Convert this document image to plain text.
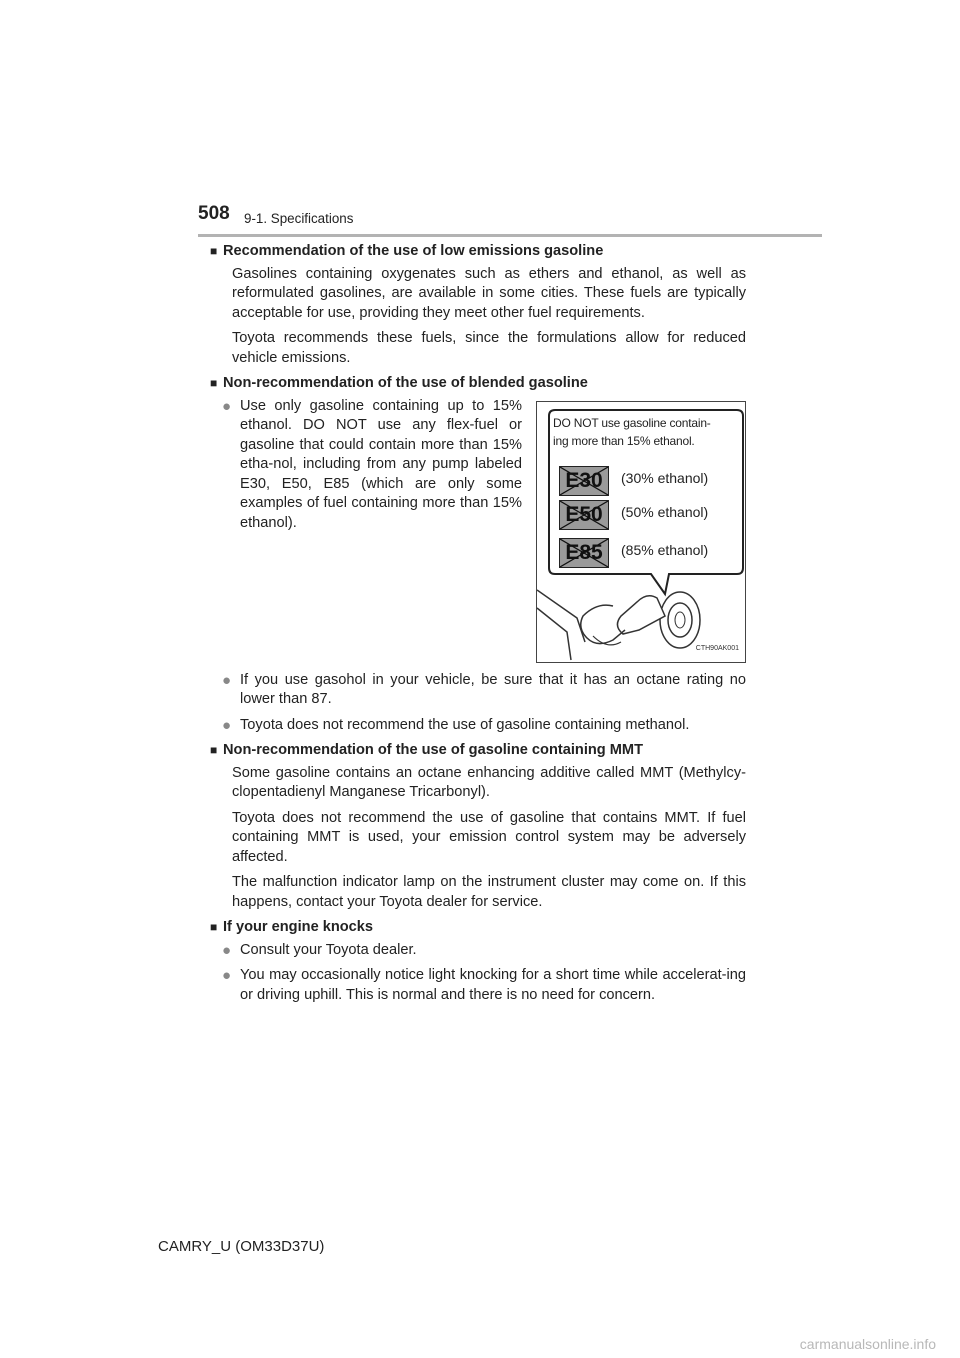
508 9-1. Specifications
■ Recommendation of the use of low emissions gasoline
Gasolines containing oxygenates such as ethers and ethanol, as well as reformulated gasolines, are available in some cities. These fuels are typically acceptable for use, providing they meet other fuel requirements.
Toyota recommends these fuels, since the formulations allow for reduced vehicle emissions.
■ Non-recommendation of the use of blended gasoline
● Use only gasoline containing up to 15% ethanol. DO NOT use any flex-fuel or gasoline that could contain more than 15% etha-nol, including from any pump labeled E30, E50, E85 (which are only some examples of fuel containing more than 15% ethanol).
DO NOT use gasoline contain-
ing more than 15% ethanol.
E30	(30% ethanol)
E50	(50% ethanol)
E85	(85% ethanol)
CTH90AK001
● If you use gasohol in your vehicle, be sure that it has an octane rating no lower than 87.
● Toyota does not recommend the use of gasoline containing methanol.
■ Non-recommendation of the use of gasoline containing MMT
Some gasoline contains an octane enhancing additive called MMT (Methylcy-clopentadienyl Manganese Tricarbonyl).
Toyota does not recommend the use of gasoline that contains MMT. If fuel containing MMT is used, your emission control system may be adversely affected.
The malfunction indicator lamp on the instrument cluster may come on. If this happens, contact your Toyota dealer for service.
■ If your engine knocks
● Consult your Toyota dealer.
● You may occasionally notice light knocking for a short time while accelerat-ing or driving uphill. This is normal and there is no need for concern.
CAMRY_U (OM33D37U)
carmanualsonline.info
